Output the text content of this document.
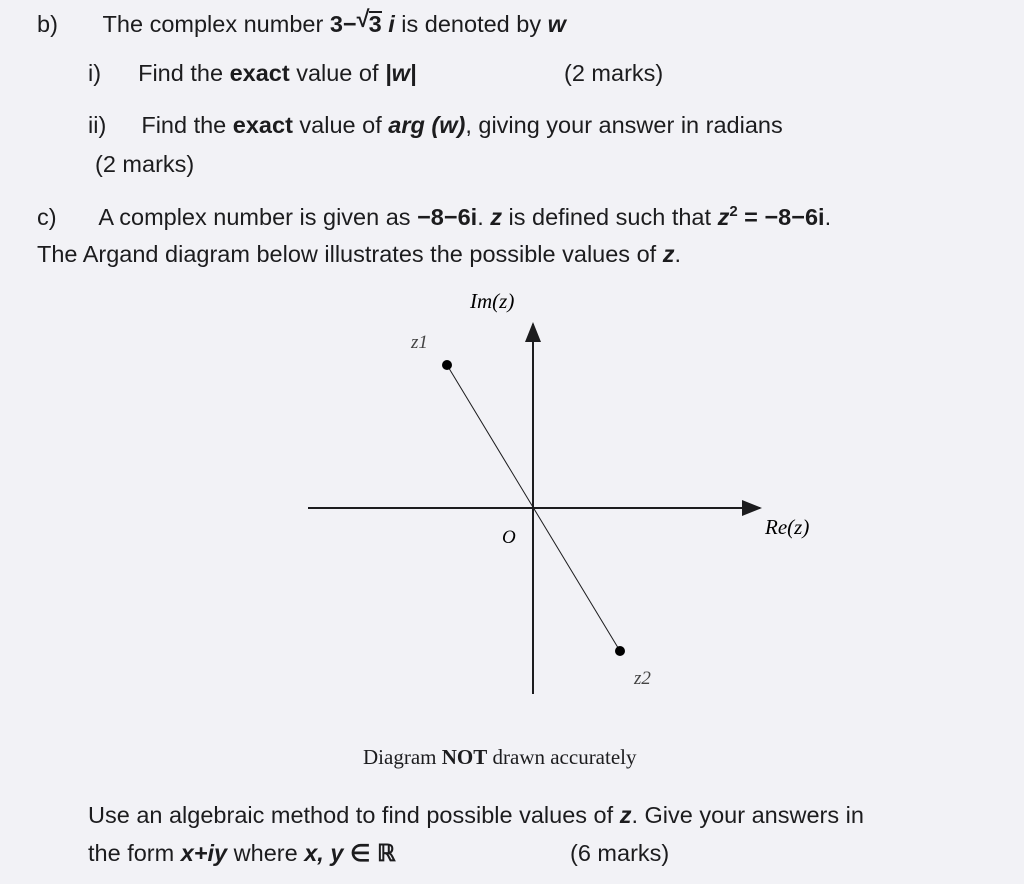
b) The complex number 3− √ 3 i is denoted by w
i) Find the exact value of |w|	(2 marks)
ii) Find the exact value of arg (w), giving your answer in radians
(2 marks)
c) A complex number is given as −8−6i. z is defined such that $z^2 = -8-6i$.
The Argand diagram below illustrates the possible values of z.
Im(z)
Re(z)
O
z1
z2
Diagram NOT drawn accurately
Use an algebraic method to find possible values of z. Give your answers in
the form x+iy where x, y ∈ ℝ	(6 marks)
